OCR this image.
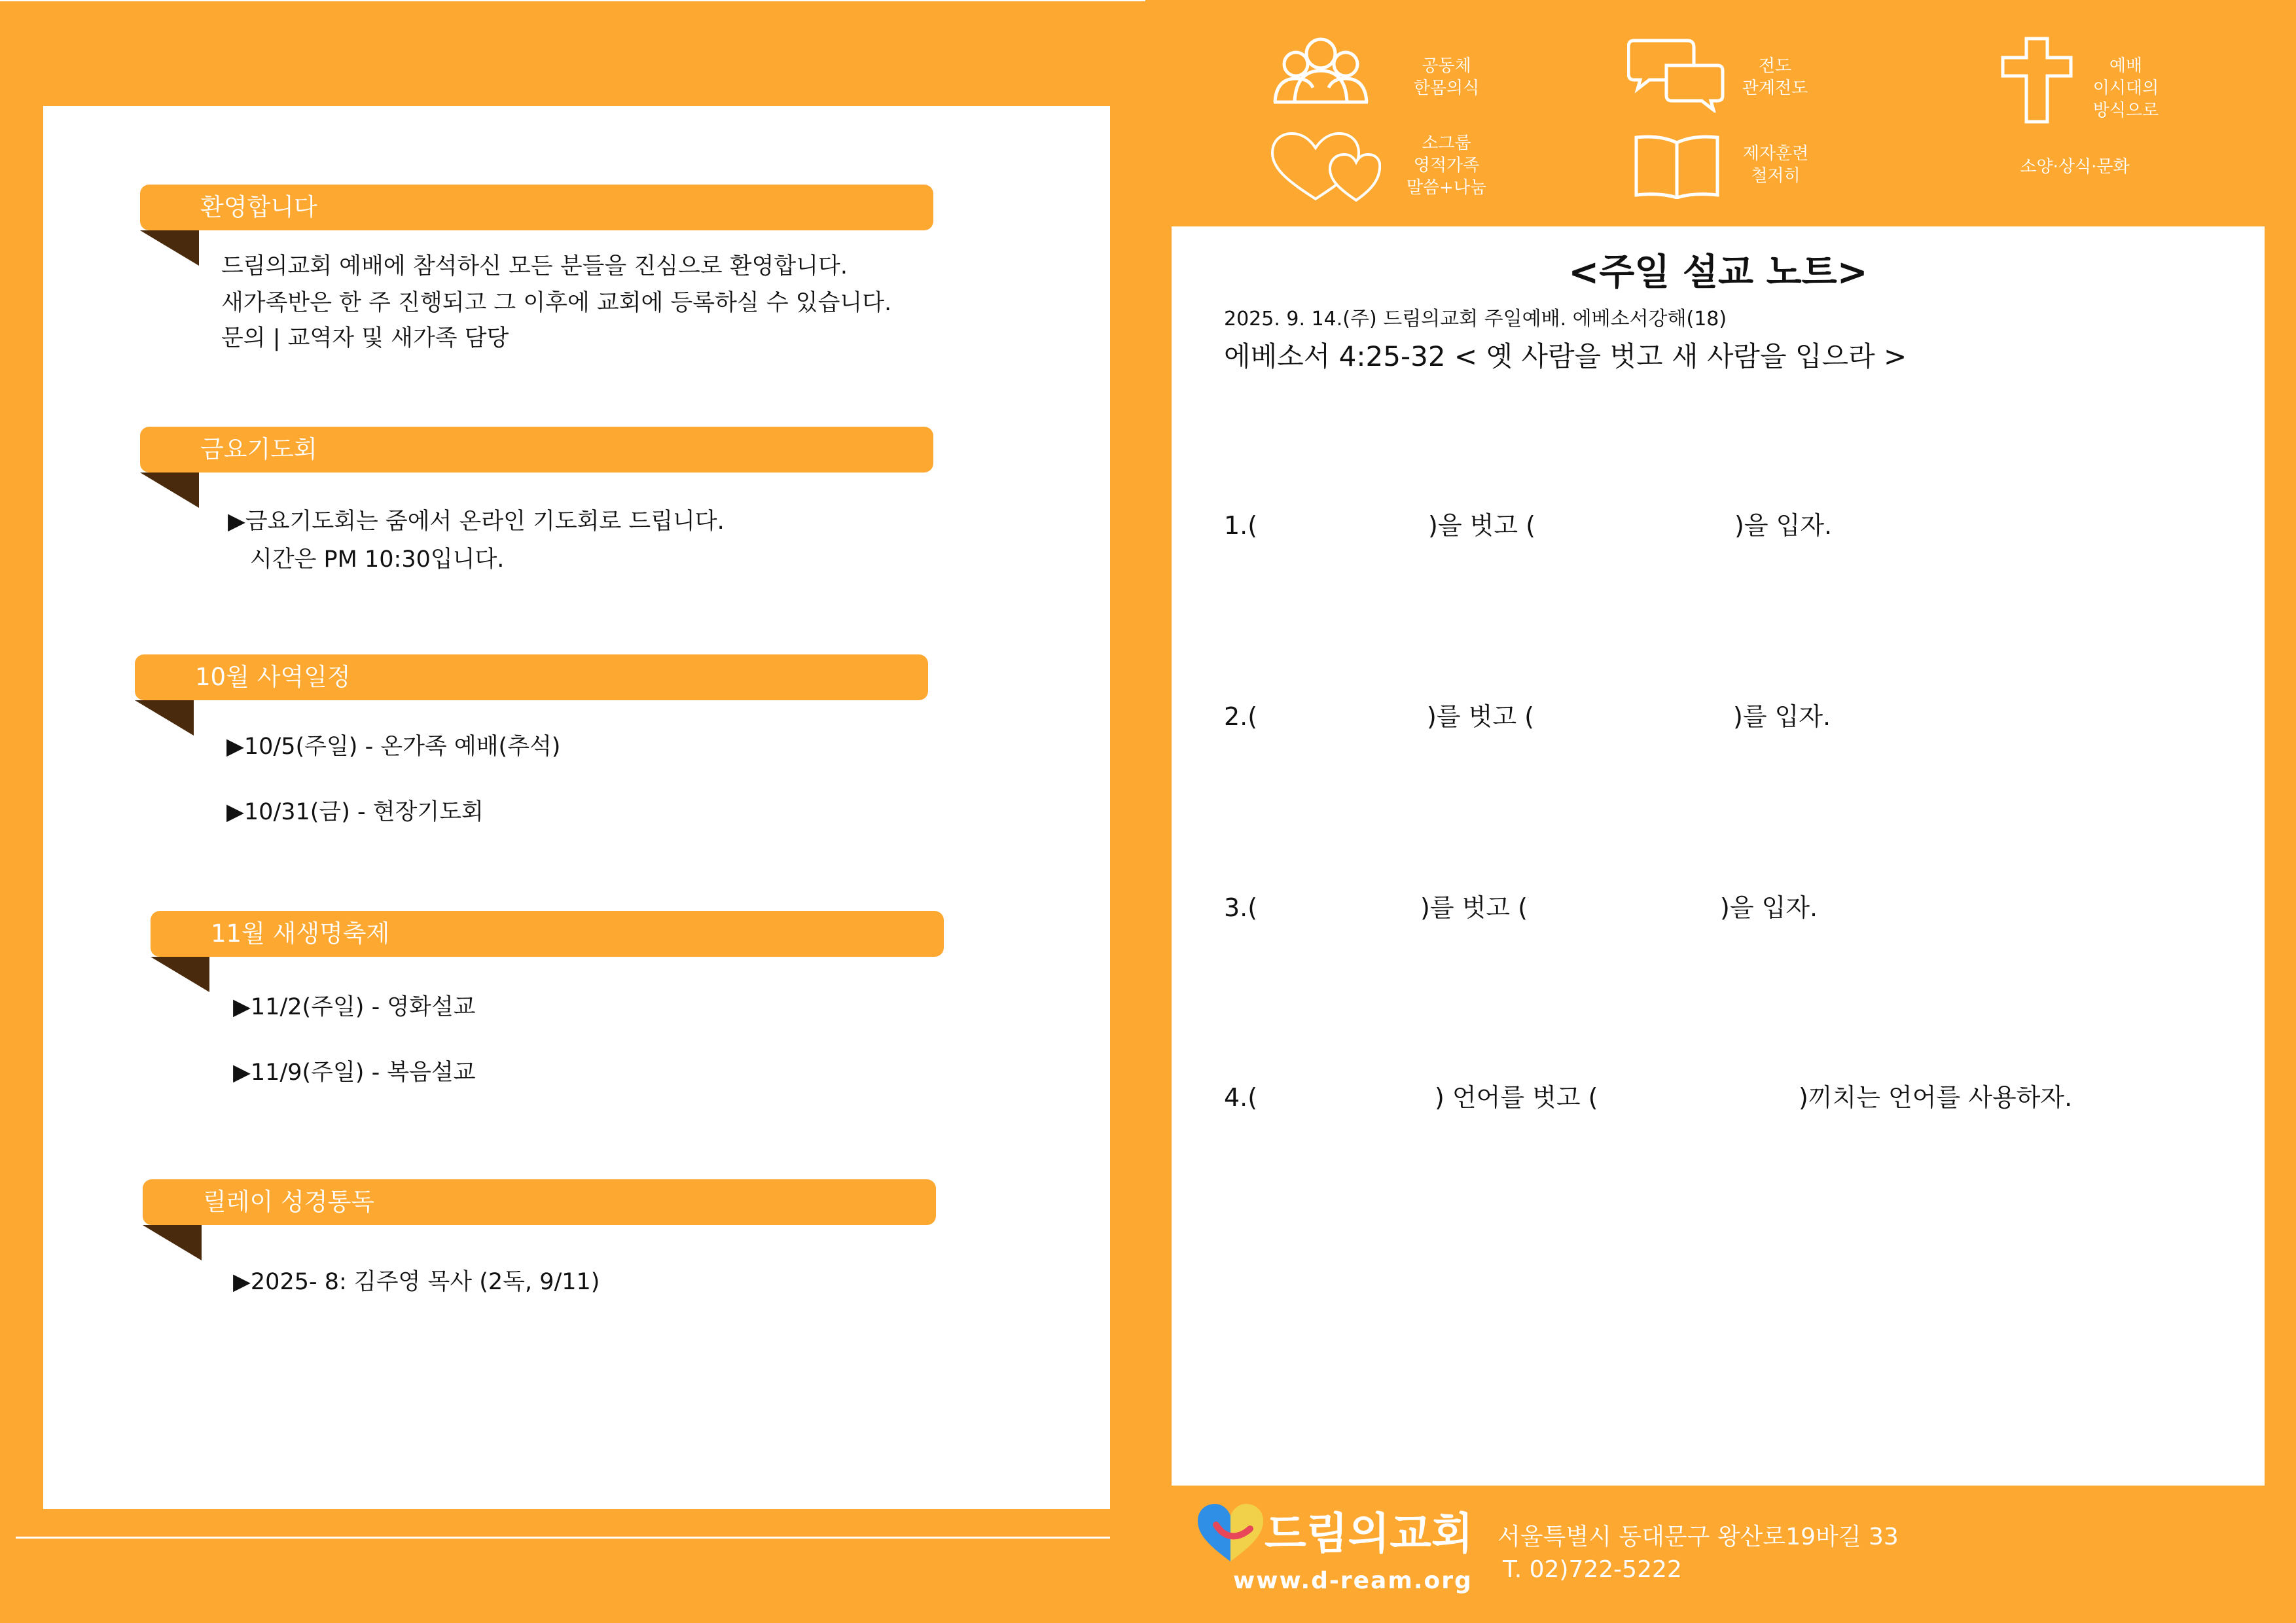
환영합니다
드림의교회 예배에 참석하신 모든 분들을 진심으로 환영합니다.
새가족반은 한 주 진행되고 그 이후에 교회에 등록하실 수 있습니다.
문의 | 교역자 및 새가족 담당
금요기도회
▶금요기도회는 줌에서 온라인 기도회로 드립니다.
시간은 PM 10:30입니다.
10월 사역일정
▶10/5(주일) - 온가족 예배(추석)
▶10/31(금) - 현장기도회
11월 새생명축제
▶11/2(주일) - 영화설교
▶11/9(주일) - 복음설교
릴레이 성경통독
▶2025- 8: 김주영 목사 (2독, 9/11)
공동체
한몸의식
전도
관계전도
예배
이시대의
방식으로
소그룹
영적가족
말씀+나눔
제자훈련
철저히	소양·상식·문화
<주일 설교 노트>
2025. 9. 14.(주) 드림의교회 주일예배. 에베소서강해(18)
에베소서 4:25-32 < 옛 사람을 벗고 새 사람을 입으라 >
1.(	)을 벗고 (	)을 입자.
2.(	)를 벗고 (	)를 입자.
3.(	)를 벗고 (	)을 입자.
4.(	) 언어를 벗고 (	)끼치는 언어를 사용하자.
드림의교회
www.d-ream.org
서울특별시 동대문구 왕산로19바길 33
T. 02)722-5222
